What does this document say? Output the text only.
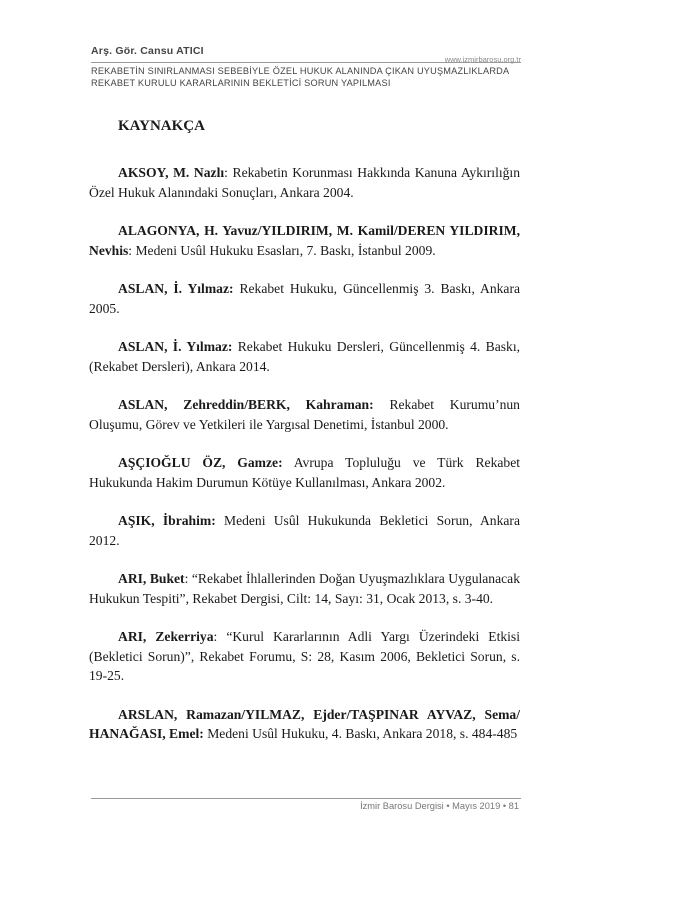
Arş. Gör. Cansu ATICI
www.izmirbarosu.org.tr
REKABETİN SINIRLANMASI SEBEBİYLE ÖZEL HUKUK ALANINDA ÇIKAN UYUŞMAZLIKLARDA REKABET KURULU KARARLARININ BEKLETİCİ SORUN YAPILMASI
KAYNAKÇA
AKSOY, M. Nazlı: Rekabetin Korunması Hakkında Kanuna Aykırılığın Özel Hukuk Alanındaki Sonuçları, Ankara 2004.
ALAGONYA, H. Yavuz/YILDIRIM, M. Kamil/DEREN YILDIRIM, Nevhis: Medeni Usûl Hukuku Esasları, 7. Baskı, İstanbul 2009.
ASLAN, İ. Yılmaz: Rekabet Hukuku, Güncellenmiş 3. Baskı, Ankara 2005.
ASLAN, İ. Yılmaz: Rekabet Hukuku Dersleri, Güncellenmiş 4. Baskı, (Rekabet Dersleri), Ankara 2014.
ASLAN, Zehreddin/BERK, Kahraman: Rekabet Kurumu’nun Oluşumu, Görev ve Yetkileri ile Yargısal Denetimi, İstanbul 2000.
AŞÇIOĞLU ÖZ, Gamze: Avrupa Topluluğu ve Türk Rekabet Hukukunda Hakim Durumun Kötüye Kullanılması, Ankara 2002.
AŞIK, İbrahim: Medeni Usûl Hukukunda Bekletici Sorun, Ankara 2012.
ARI, Buket: “Rekabet İhlallerinden Doğan Uyuşmazlıklara Uygulanacak Hukukun Tespiti”, Rekabet Dergisi, Cilt: 14, Sayı: 31, Ocak 2013, s. 3-40.
ARI, Zekerriya: “Kurul Kararlarının Adli Yargı Üzerindeki Etkisi (Bekletici Sorun)”, Rekabet Forumu, S: 28, Kasım 2006, Bekletici Sorun, s. 19-25.
ARSLAN, Ramazan/YILMAZ, Ejder/TAŞPINAR AYVAZ, Sema/ HANAĞASI, Emel: Medeni Usûl Hukuku, 4. Baskı, Ankara 2018, s. 484-485
İzmir Barosu Dergisi • Mayıs 2019 • 81
